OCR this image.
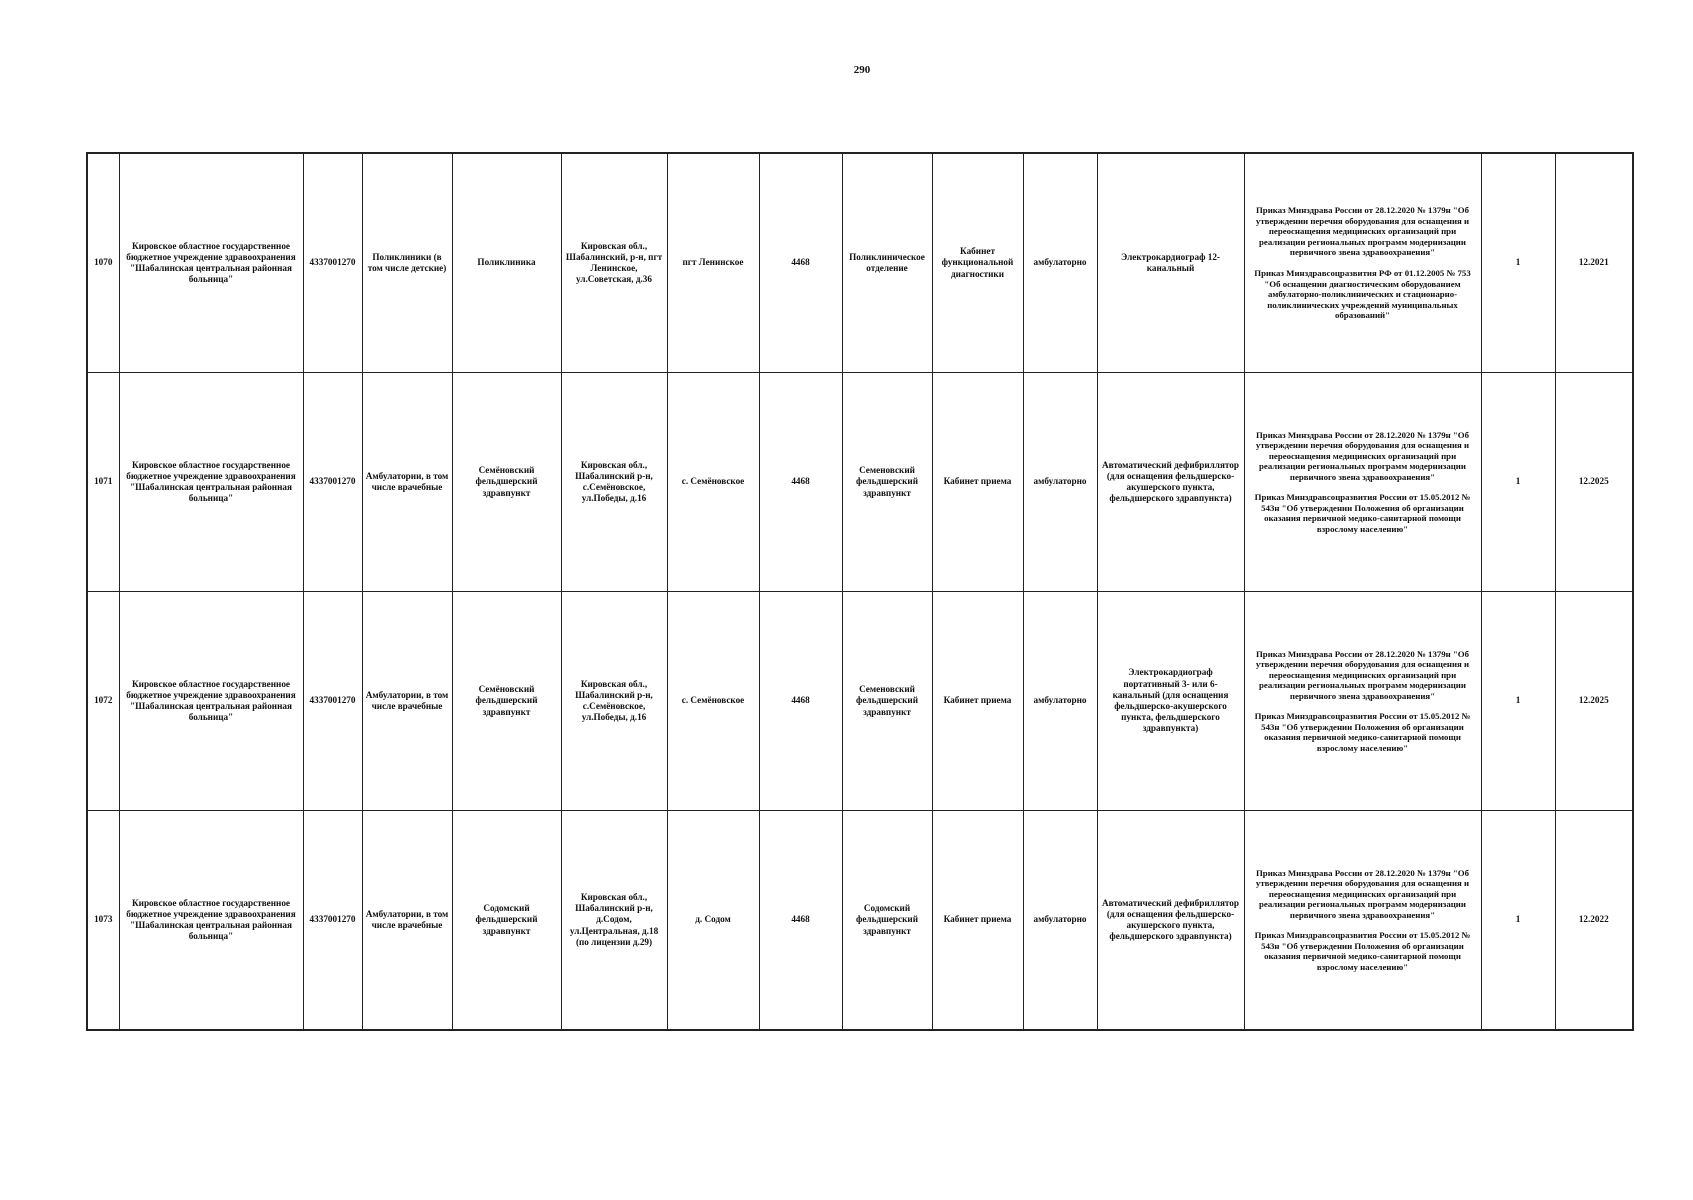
290
1070	Кировское областное государственное бюджетное учреждение здравоохранения "Шабалинская центральная районная больница"	4337001270	Поликлиники (в том числе детские)	Поликлиника	Кировская обл., Шабалинский, р-н, пгт Ленинское, ул.Советская, д.36	пгт Ленинское	4468	Поликлиническое отделение	Кабинет функциональной диагностики	амбулаторно	Электрокардиограф 12-канальный	Приказ Минздрава России от 28.12.2020 № 1379н "Об утверждении перечня оборудования для оснащения и переоснащения медицинских организаций при реализации региональных программ модернизации первичного звена здравоохранения"
Приказ Минздравсоцразвития РФ от 01.12.2005 № 753 "Об оснащении диагностическим оборудованием амбулаторно-поликлинических и стационарно-поликлинических учреждений муниципальных образований"	1	12.2021
1071	Кировское областное государственное бюджетное учреждение здравоохранения "Шабалинская центральная районная больница"	4337001270	Амбулатории, в том числе врачебные	Семёновский фельдшерский здравпункт	Кировская обл., Шабалинский р-н, с.Семёновское, ул.Победы, д.16	с. Семёновское	4468	Семеновский фельдшерский здравпункт	Кабинет приема	амбулаторно	Автоматический дефибриллятор (для оснащения фельдшерско-акушерского пункта, фельдшерского здравпункта)	Приказ Минздрава России от 28.12.2020 № 1379н "Об утверждении перечня оборудования для оснащения и переоснащения медицинских организаций при реализации региональных программ модернизации первичного звена здравоохранения"
Приказ Минздравсоцразвития России от 15.05.2012 № 543н "Об утверждении Положения об организации оказания первичной медико-санитарной помощи взрослому населению"	1	12.2025
1072	Кировское областное государственное бюджетное учреждение здравоохранения "Шабалинская центральная районная больница"	4337001270	Амбулатории, в том числе врачебные	Семёновский фельдшерский здравпункт	Кировская обл., Шабалинский р-н, с.Семёновское, ул.Победы, д.16	с. Семёновское	4468	Семеновский фельдшерский здравпункт	Кабинет приема	амбулаторно	Электрокардиограф портативный 3- или 6-канальный (для оснащения фельдшерско-акушерского пункта, фельдшерского здравпункта)	Приказ Минздрава России от 28.12.2020 № 1379н "Об утверждении перечня оборудования для оснащения и переоснащения медицинских организаций при реализации региональных программ модернизации первичного звена здравоохранения"
Приказ Минздравсоцразвития России от 15.05.2012 № 543н "Об утверждении Положения об организации оказания первичной медико-санитарной помощи взрослому населению"	1	12.2025
1073	Кировское областное государственное бюджетное учреждение здравоохранения "Шабалинская центральная районная больница"	4337001270	Амбулатории, в том числе врачебные	Содомский фельдшерский здравпункт	Кировская обл., Шабалинский р-н, д.Содом, ул.Центральная, д.18 (по лицензии д.29)	д. Содом	4468	Содомский фельдшерский здравпункт	Кабинет приема	амбулаторно	Автоматический дефибриллятор (для оснащения фельдшерско-акушерского пункта, фельдшерского здравпункта)	Приказ Минздрава России от 28.12.2020 № 1379н "Об утверждении перечня оборудования для оснащения и переоснащения медицинских организаций при реализации региональных программ модернизации первичного звена здравоохранения"
Приказ Минздравсоцразвития России от 15.05.2012 № 543н "Об утверждении Положения об организации оказания первичной медико-санитарной помощи взрослому населению"	1	12.2022
